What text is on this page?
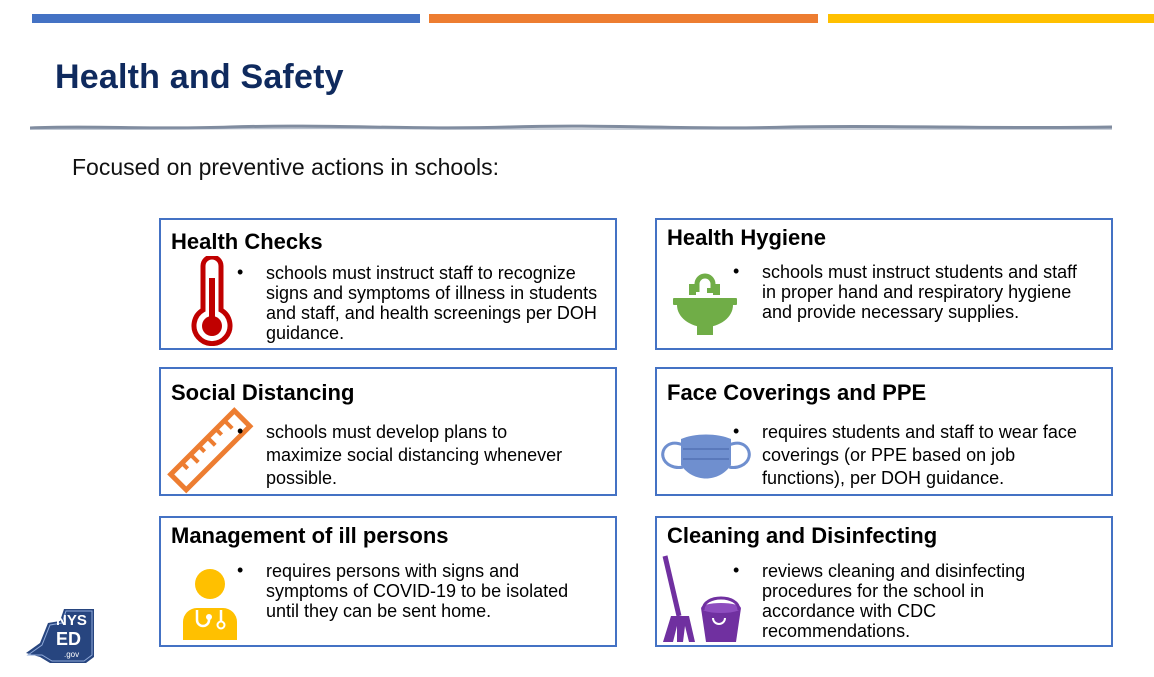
Health and Safety
Focused on preventive actions in schools:
Health Checks
• schools must instruct staff to recognize signs and symptoms of illness in students and staff, and health screenings per DOH guidance.
Health Hygiene
• schools must instruct students and staff in proper hand and respiratory hygiene and provide necessary supplies.
Social Distancing
• schools must develop plans to maximize social distancing whenever possible.
Face Coverings and PPE
• requires students and staff to wear face coverings (or PPE based on job functions), per DOH guidance.
Management of ill persons
• requires persons with signs and symptoms of COVID-19 to be isolated until they can be sent home.
Cleaning and Disinfecting
• reviews cleaning and disinfecting procedures for the school in accordance with CDC recommendations.
NYS
ED
.gov
